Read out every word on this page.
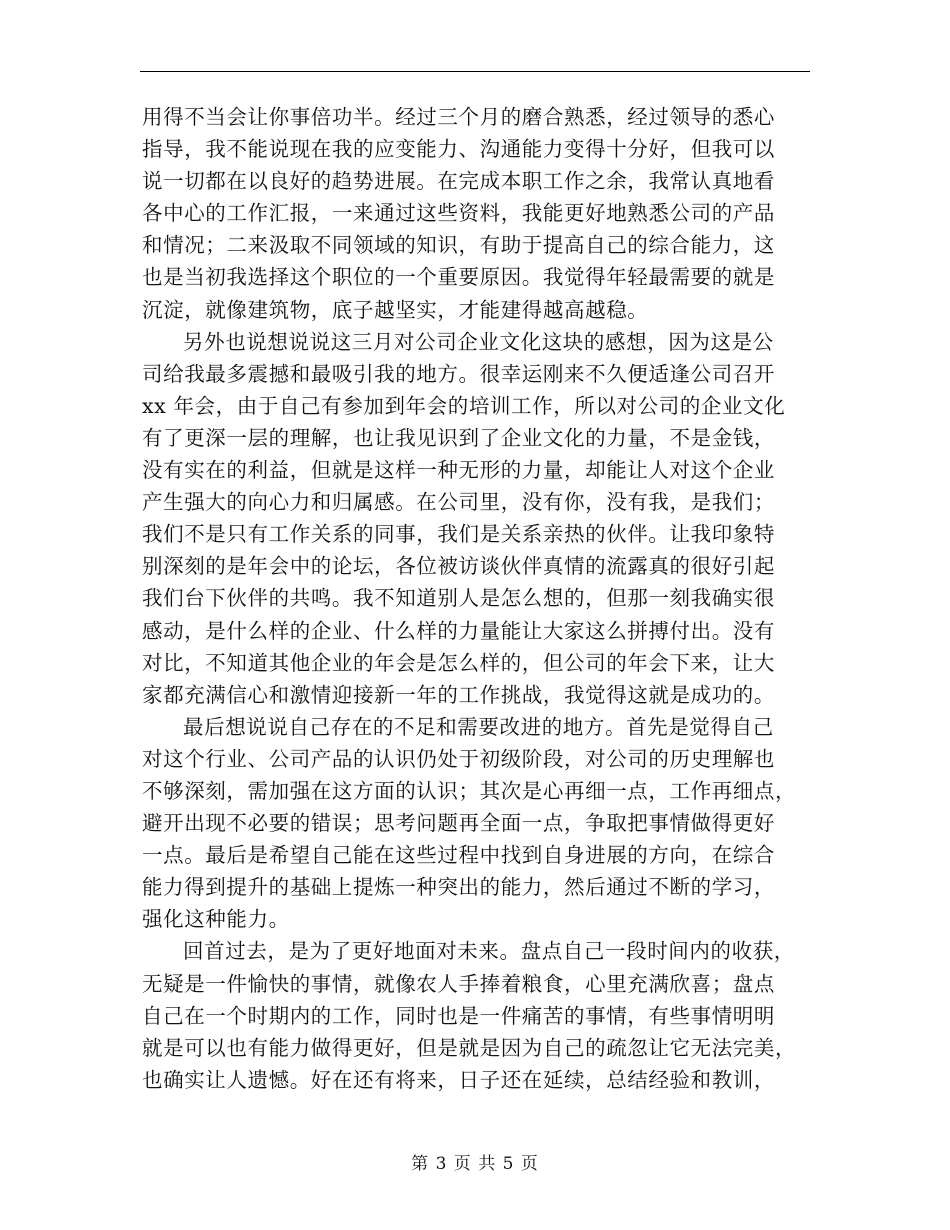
用得不当会让你事倍功半。经过三个月的磨合熟悉，经过领导的悉心
指导，我不能说现在我的应变能力、沟通能力变得十分好，但我可以
说一切都在以良好的趋势进展。在完成本职工作之余，我常认真地看
各中心的工作汇报，一来通过这些资料，我能更好地熟悉公司的产品
和情况；二来汲取不同领域的知识，有助于提高自己的综合能力，这
也是当初我选择这个职位的一个重要原因。我觉得年轻最需要的就是
沉淀，就像建筑物，底子越坚实，才能建得越高越稳。
另外也说想说说这三月对公司企业文化这块的感想，因为这是公
司给我最多震撼和最吸引我的地方。很幸运刚来不久便适逢公司召开
xx 年会，由于自己有参加到年会的培训工作，所以对公司的企业文化
有了更深一层的理解，也让我见识到了企业文化的力量，不是金钱，
没有实在的利益，但就是这样一种无形的力量，却能让人对这个企业
产生强大的向心力和归属感。在公司里，没有你，没有我，是我们；
我们不是只有工作关系的同事，我们是关系亲热的伙伴。让我印象特
别深刻的是年会中的论坛，各位被访谈伙伴真情的流露真的很好引起
我们台下伙伴的共鸣。我不知道别人是怎么想的，但那一刻我确实很
感动，是什么样的企业、什么样的力量能让大家这么拼搏付出。没有
对比，不知道其他企业的年会是怎么样的，但公司的年会下来，让大
家都充满信心和激情迎接新一年的工作挑战，我觉得这就是成功的。
最后想说说自己存在的不足和需要改进的地方。首先是觉得自己
对这个行业、公司产品的认识仍处于初级阶段，对公司的历史理解也
不够深刻，需加强在这方面的认识；其次是心再细一点，工作再细点，
避开出现不必要的错误；思考问题再全面一点，争取把事情做得更好
一点。最后是希望自己能在这些过程中找到自身进展的方向，在综合
能力得到提升的基础上提炼一种突出的能力，然后通过不断的学习，
强化这种能力。
回首过去，是为了更好地面对未来。盘点自己一段时间内的收获，
无疑是一件愉快的事情，就像农人手捧着粮食，心里充满欣喜；盘点
自己在一个时期内的工作，同时也是一件痛苦的事情，有些事情明明
就是可以也有能力做得更好，但是就是因为自己的疏忽让它无法完美，
也确实让人遗憾。好在还有将来，日子还在延续，总结经验和教训，
第 3 页 共 5 页
